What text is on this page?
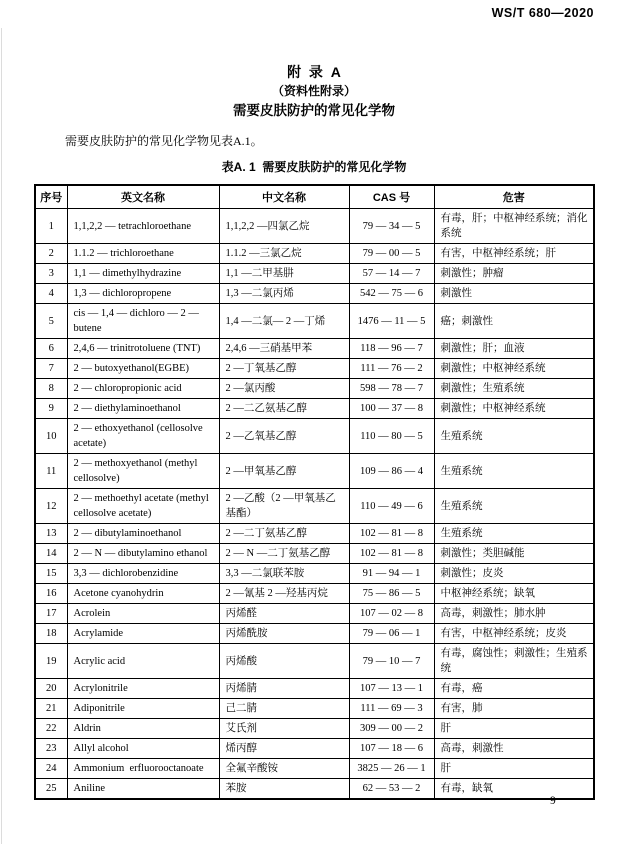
WS/T 680—2020
附  录  A
（资料性附录）
需要皮肤防护的常见化学物
需要皮肤防护的常见化学物见表A.1。
表A. 1  需要皮肤防护的常见化学物
序号	英文名称	中文名称	CAS 号	危害
1	1,1,2,2 — tetrachloroethane	1,1,2,2 —四氯乙烷	79 — 34 — 5	有毒，肝；中枢神经系统；消化系统
2	1.1.2 — trichloroethane	1.1.2 —三氯乙烷	79 — 00 — 5	有害，中枢神经系统；肝
3	1,1 — dimethylhydrazine	1,1 —二甲基肼	57 — 14 — 7	刺激性；肿瘤
4	1,3 — dichloropropene	1,3 —二氯丙烯	542 — 75 — 6	刺激性
5	cis — 1,4 — dichloro — 2 — butene	1,4 —二氯— 2 —丁烯	1476 — 11 — 5	癌；刺激性
6	2,4,6 — trinitrotoluene (TNT)	2,4,6 —三硝基甲苯	118 — 96 — 7	刺激性；肝；血液
7	2 — butoxyethanol(EGBE)	2 —丁氧基乙醇	111 — 76 — 2	刺激性；中枢神经系统
8	2 — chloropropionic acid	2 —氯丙酸	598 — 78 — 7	刺激性；生殖系统
9	2 — diethylaminoethanol	2 —二乙氨基乙醇	100 — 37 — 8	刺激性；中枢神经系统
10	2 — ethoxyethanol (cellosolve acetate)	2 —乙氧基乙醇	110 — 80 — 5	生殖系统
11	2 — methoxyethanol (methyl cellosolve)	2 —甲氧基乙醇	109 — 86 — 4	生殖系统
12	2 — methoethyl acetate (methyl cellosolve acetate)	2 —乙酸（2 —甲氧基乙基酯）	110 — 49 — 6	生殖系统
13	2 — dibutylaminoethanol	2 —二丁氨基乙醇	102 — 81 — 8	生殖系统
14	2 — N — dibutylamino ethanol	2 — N —二丁氨基乙醇	102 — 81 — 8	刺激性；类胆碱能
15	3,3 — dichlorobenzidine	3,3 —二氯联苯胺	91 — 94 — 1	刺激性；皮炎
16	Acetone cyanohydrin	2 —氰基 2 —羟基丙烷	75 — 86 — 5	中枢神经系统；缺氧
17	Acrolein	丙烯醛	107 — 02 — 8	高毒，刺激性；肺水肿
18	Acrylamide	丙烯酰胺	79 — 06 — 1	有害，中枢神经系统；皮炎
19	Acrylic acid	丙烯酸	79 — 10 — 7	有毒，腐蚀性；刺激性；生殖系统
20	Acrylonitrile	丙烯腈	107 — 13 — 1	有毒，癌
21	Adiponitrile	己二腈	111 — 69 — 3	有害，肺
22	Aldrin	艾氏剂	309 — 00 — 2	肝
23	Allyl alcohol	烯丙醇	107 — 18 — 6	高毒，刺激性
24	Ammonium  erfluorooctanoate	全氟辛酸铵	3825 — 26 — 1	肝
25	Aniline	苯胺	62 — 53 — 2	有毒，缺氧
9
